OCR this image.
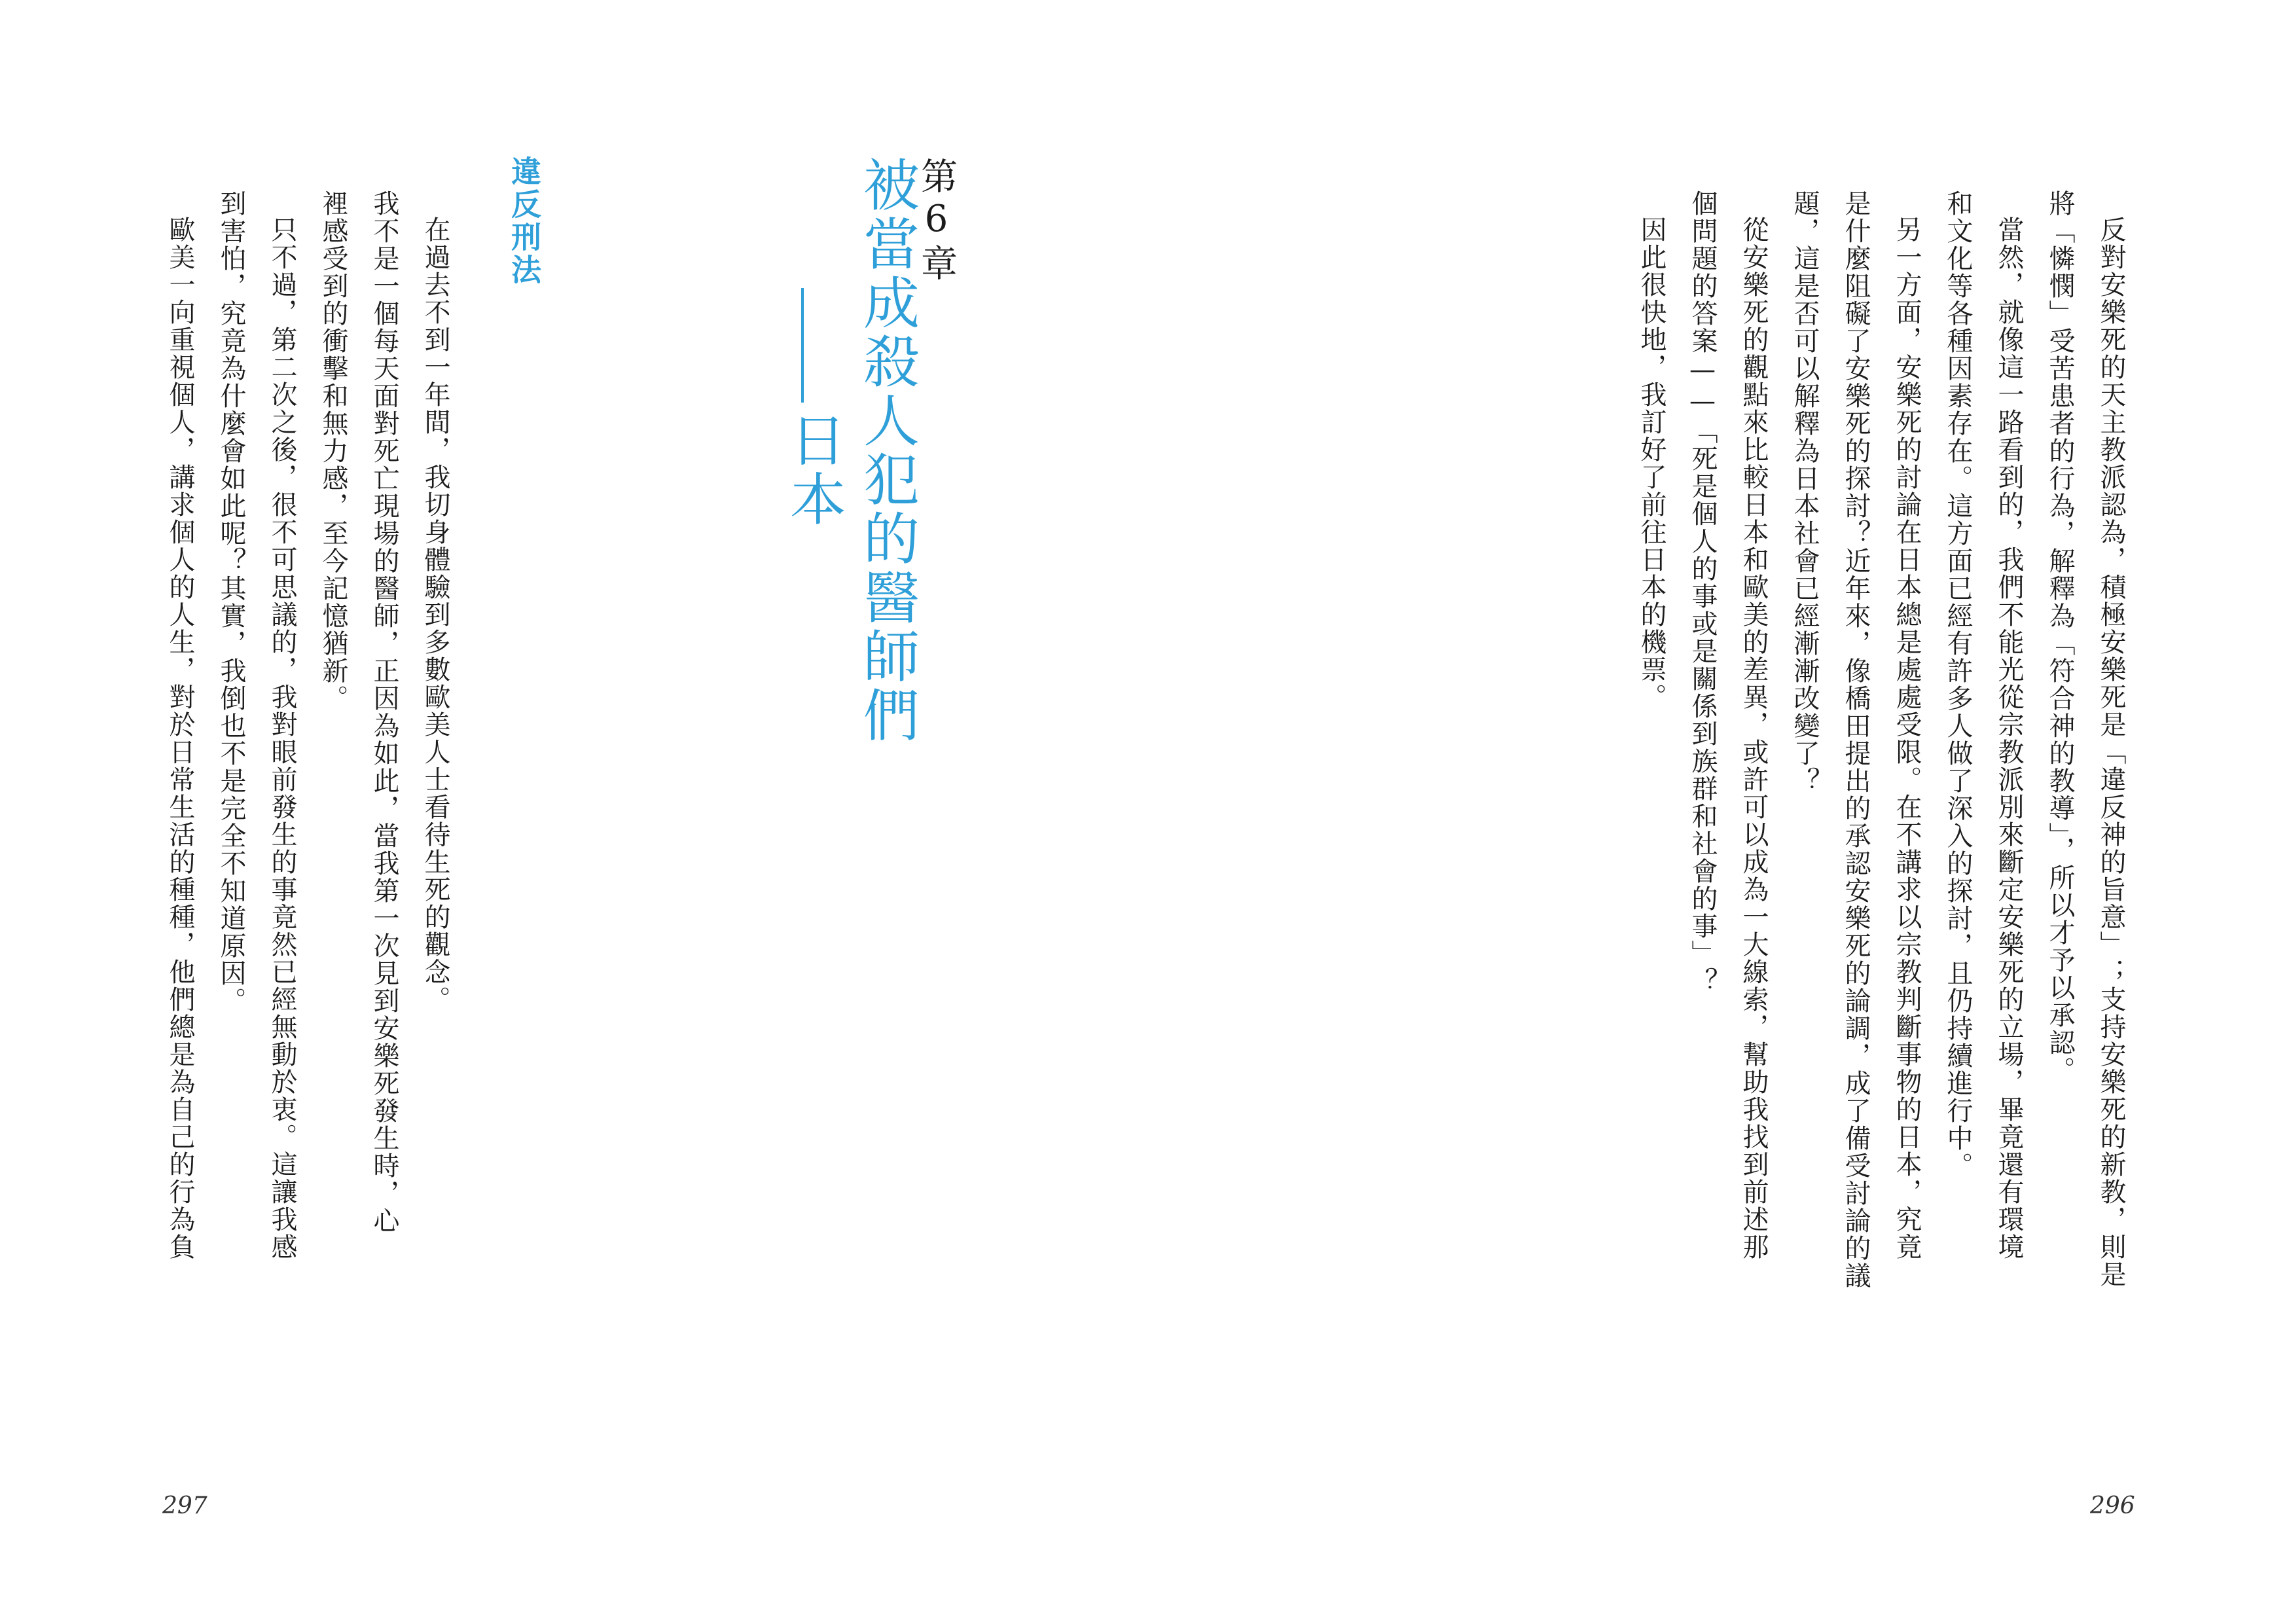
第6章
被當成殺人犯的醫師們
日本
違反刑法

在過去不到一年間，我切身體驗到多數歐美人士看待生死的觀念。

我不是一個每天面對死亡現場的醫師，正因為如此，當我第一次見到安樂死發生時，心

裡感受到的衝擊和無力感，至今記憶猶新。

只不過，第二次之後，很不可思議的，我對眼前發生的事竟然已經無動於衷。這讓我感

到害怕，究竟為什麼會如此呢？其實，我倒也不是完全不知道原因。

歐美一向重視個人，講求個人的人生，對於日常生活的種種，他們總是為自己的行為負

297

反對安樂死的天主教派認為，積極安樂死是「違反神的旨意」；支持安樂死的新教，則是

將「憐憫」受苦患者的行為，解釋為「符合神的教導」，所以才予以承認。

當然，就像這一路看到的，我們不能光從宗教派別來斷定安樂死的立場，畢竟還有環境

和文化等各種因素存在。這方面已經有許多人做了深入的探討，且仍持續進行中。

另一方面，安樂死的討論在日本總是處處受限。在不講求以宗教判斷事物的日本，究竟

是什麼阻礙了安樂死的探討？近年來，像橋田提出的承認安樂死的論調，成了備受討論的議

題，這是否可以解釋為日本社會已經漸漸改變了？

從安樂死的觀點來比較日本和歐美的差異，或許可以成為一大線索，幫助我找到前述那

個問題的答案——「死是個人的事或是關係到族群和社會的事」？

因此很快地，我訂好了前往日本的機票。

296
